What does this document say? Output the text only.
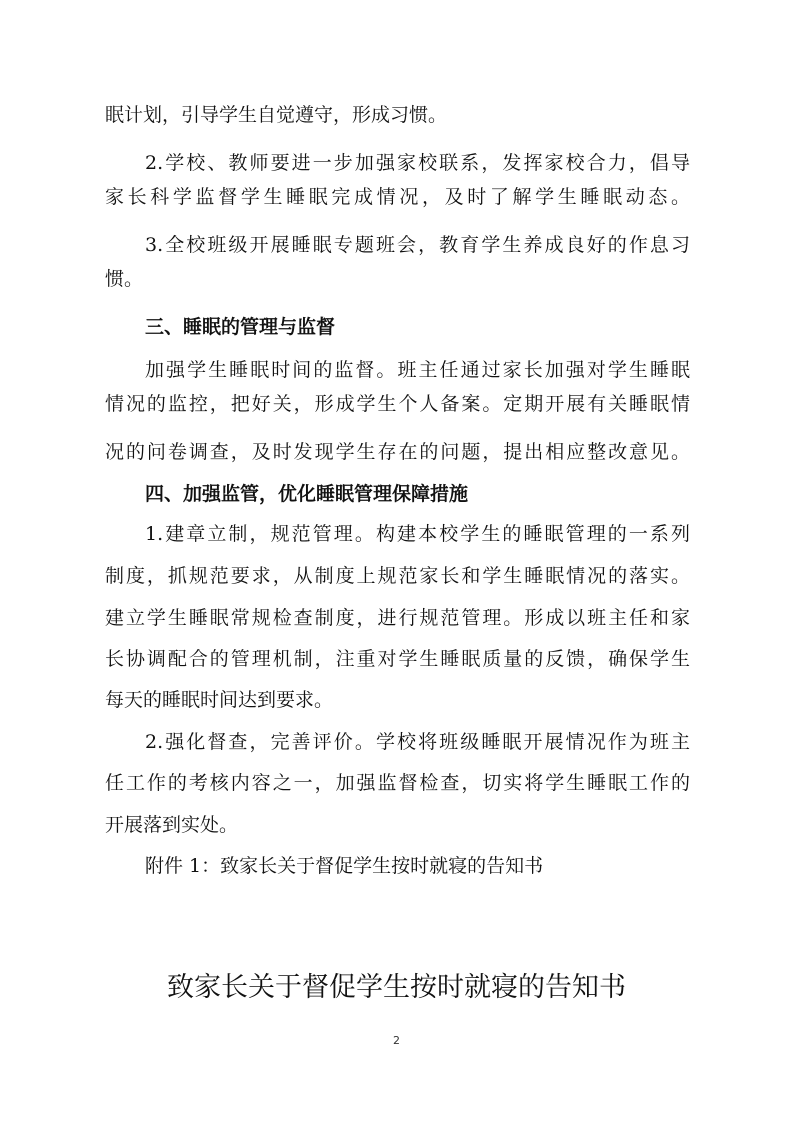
眠计划，引导学生自觉遵守，形成习惯。
2.学校、教师要进一步加强家校联系，发挥家校合力，倡导
家长科学监督学生睡眠完成情况，及时了解学生睡眠动态。
3.全校班级开展睡眠专题班会，教育学生养成良好的作息习
惯。
三、睡眠的管理与监督
加强学生睡眠时间的监督。班主任通过家长加强对学生睡眠
情况的监控，把好关，形成学生个人备案。定期开展有关睡眠情
况的问卷调查，及时发现学生存在的问题，提出相应整改意见。
四、加强监管，优化睡眠管理保障措施
1.建章立制，规范管理。构建本校学生的睡眠管理的一系列
制度，抓规范要求，从制度上规范家长和学生睡眠情况的落实。
建立学生睡眠常规检查制度，进行规范管理。形成以班主任和家
长协调配合的管理机制，注重对学生睡眠质量的反馈，确保学生
每天的睡眠时间达到要求。
2.强化督查，完善评价。学校将班级睡眠开展情况作为班主
任工作的考核内容之一，加强监督检查，切实将学生睡眠工作的
开展落到实处。
附件 1：致家长关于督促学生按时就寝的告知书
致家长关于督促学生按时就寝的告知书
2
